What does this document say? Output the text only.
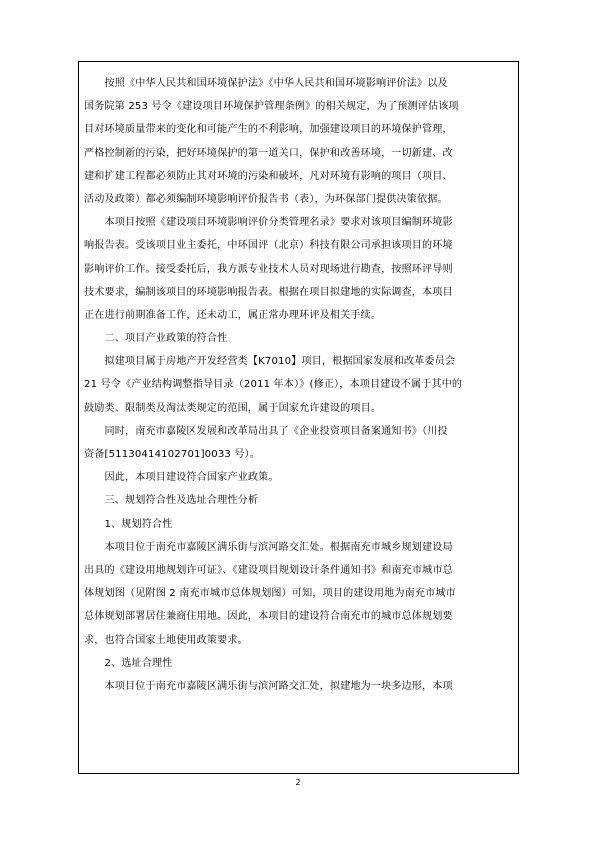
　　按照《中华人民共和国环境保护法》《中华人民共和国环境影响评价法》以及
国务院第 253 号令《建设项目环境保护管理条例》的相关规定，为了预测评估该项
目对环境质量带来的变化和可能产生的不利影响，加强建设项目的环境保护管理，
严格控制新的污染，把好环境保护的第一道关口，保护和改善环境，一切新建、改
建和扩建工程都必须防止其对环境的污染和破坏，凡对环境有影响的项目（项目、
活动及政策）都必须编制环境影响评价报告书（表），为环保部门提供决策依据。
　　本项目按照《建设项目环境影响评价分类管理名录》要求对该项目编制环境影
响报告表。受该项目业主委托，中环国评（北京）科技有限公司承担该项目的环境
影响评价工作。接受委托后，我方派专业技术人员对现场进行勘查，按照环评导则
技术要求，编制该项目的环境影响报告表。根据在项目拟建地的实际调查，本项目
正在进行前期准备工作，还未动工，属正常办理环评及相关手续。
　　二、项目产业政策的符合性
　　拟建项目属于房地产开发经营类【K7010】项目，根据国家发展和改革委员会
21 号令《产业结构调整指导目录（2011 年本）》(修正），本项目建设不属于其中的
鼓励类、限制类及淘汰类规定的范围，属于国家允许建设的项目。
　　同时，南充市嘉陵区发展和改革局出具了《企业投资项目备案通知书》（川投
资备[51130414102701]0033 号）。
　　因此，本项目建设符合国家产业政策。
　　三、规划符合性及选址合理性分析
　　1、规划符合性
　　本项目位于南充市嘉陵区满乐街与滨河路交汇处。根据南充市城乡规划建设局
出具的《建设用地规划许可证》、《建设项目规划设计条件通知书》和南充市城市总
体规划图（见附图 2 南充市城市总体规划图）可知，项目的建设用地为南充市城市
总体规划部署居住兼商住用地。因此，本项目的建设符合南充市的城市总体规划要
求，也符合国家土地使用政策要求。
　　2、选址合理性
　　本项目位于南充市嘉陵区满乐街与滨河路交汇处，拟建地为一块多边形，本项

2
